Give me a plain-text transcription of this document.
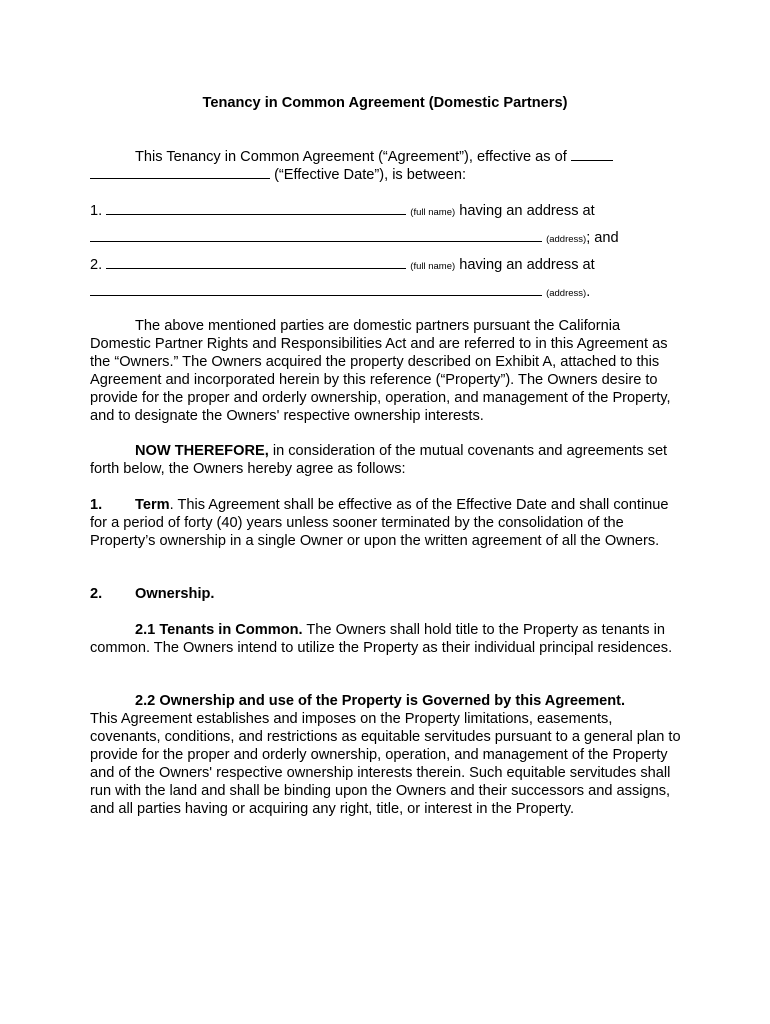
Tenancy in Common Agreement (Domestic Partners)

This Tenancy in Common Agreement (“Agreement”), effective as of

(“Effective Date”), is between:

1.	(full name) having an address at
(address); and
2.	(full name) having an address at
(address).

The above mentioned parties are domestic partners pursuant the California Domestic Partner Rights and Responsibilities Act and are referred to in this Agreement as the “Owners.” The Owners acquired the property described on Exhibit A, attached to this Agreement and incorporated herein by this reference (“Property”). The Owners desire to provide for the proper and orderly ownership, operation, and management of the Property, and to designate the Owners' respective ownership interests.

NOW THEREFORE, in consideration of the mutual covenants and agreements set forth below, the Owners hereby agree as follows:

1. Term. This Agreement shall be effective as of the Effective Date and shall continue for a period of forty (40) years unless sooner terminated by the consolidation of the Property’s ownership in a single Owner or upon the written agreement of all the Owners.

2. Ownership.

2.1 Tenants in Common. The Owners shall hold title to the Property as tenants in common. The Owners intend to utilize the Property as their individual principal residences.

2.2 Ownership and use of the Property is Governed by this Agreement.

This Agreement establishes and imposes on the Property limitations, easements, covenants, conditions, and restrictions as equitable servitudes pursuant to a general plan to provide for the proper and orderly ownership, operation, and management of the Property and of the Owners' respective ownership interests therein. Such equitable servitudes shall run with the land and shall be binding upon the Owners and their successors and assigns, and all parties having or acquiring any right, title, or interest in the Property.
